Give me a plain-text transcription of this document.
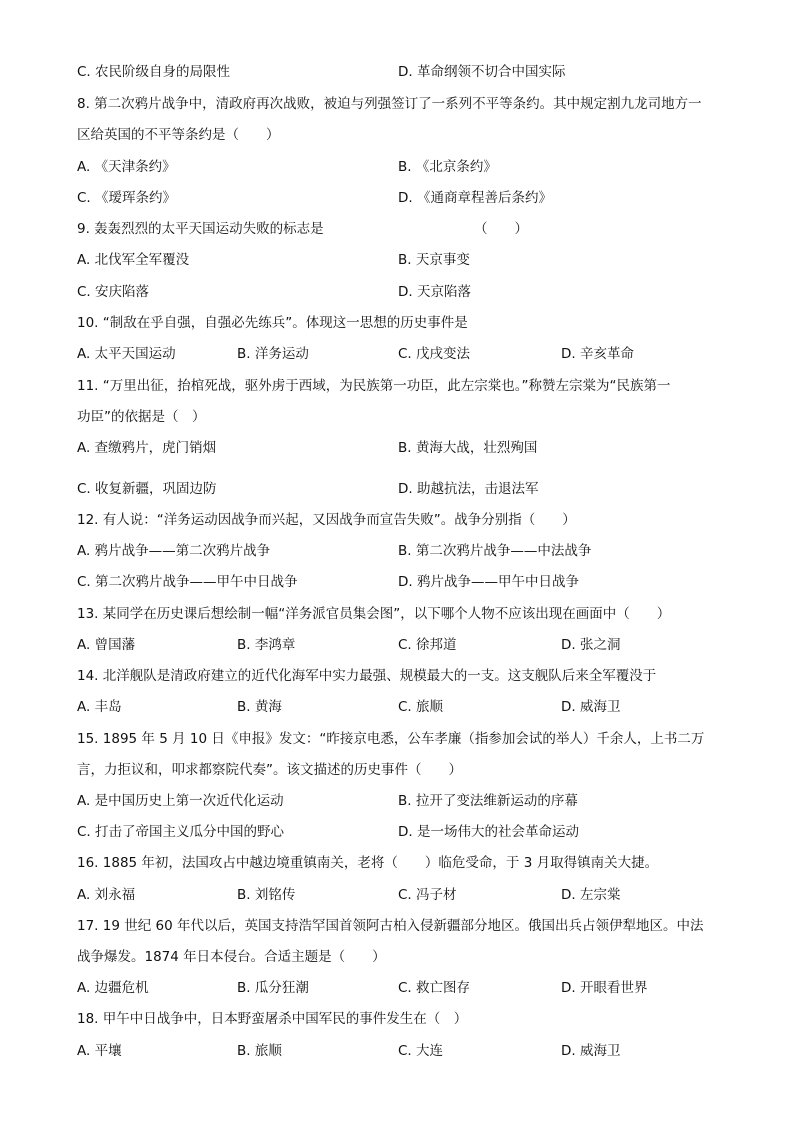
C. 农民阶级自身的局限性	D. 革命纲领不切合中国实际
8. 第二次鸦片战争中，清政府再次战败，被迫与列强签订了一系列不平等条约。其中规定割九龙司地方一
区给英国的不平等条约是（　　）
A. 《天津条约》	B. 《北京条约》
C. 《瑷珲条约》	D. 《通商章程善后条约》
9. 轰轰烈烈的太平天国运动失败的标志是	（　　）
A. 北伐军全军覆没	B. 天京事变
C. 安庆陷落	D. 天京陷落
10. “制敌在乎自强，自强必先练兵”。体现这一思想的历史事件是
A. 太平天国运动	B. 洋务运动	C. 戊戌变法	D. 辛亥革命
11. “万里出征，抬棺死战，驱外虏于西域，为民族第一功臣，此左宗棠也。”称赞左宗棠为“民族第一
功臣”的依据是（　）
A. 查缴鸦片，虎门销烟	B. 黄海大战，壮烈殉国
C. 收复新疆，巩固边防	D. 助越抗法，击退法军
12. 有人说：“洋务运动因战争而兴起，又因战争而宣告失败”。战争分别指（　　）
A. 鸦片战争——第二次鸦片战争	B. 第二次鸦片战争——中法战争
C. 第二次鸦片战争——甲午中日战争	D. 鸦片战争——甲午中日战争
13. 某同学在历史课后想绘制一幅“洋务派官员集会图”，以下哪个人物不应该出现在画面中（　　）
A. 曾国藩	B. 李鸿章	C. 徐邦道	D. 张之洞
14. 北洋舰队是清政府建立的近代化海军中实力最强、规模最大的一支。这支舰队后来全军覆没于
A. 丰岛	B. 黄海	C. 旅顺	D. 威海卫
15. 1895 年 5 月 10 日《申报》发文：“昨接京电悉，公车孝廉（指参加会试的举人）千余人，上书二万
言，力拒议和，叩求都察院代奏”。该文描述的历史事件（　　）
A. 是中国历史上第一次近代化运动	B. 拉开了变法维新运动的序幕
C. 打击了帝国主义瓜分中国的野心	D. 是一场伟大的社会革命运动
16. 1885 年初，法国攻占中越边境重镇南关，老将（　　）临危受命，于 3 月取得镇南关大捷。
A. 刘永福	B. 刘铭传	C. 冯子材	D. 左宗棠
17. 19 世纪 60 年代以后，英国支持浩罕国首领阿古柏入侵新疆部分地区。俄国出兵占领伊犁地区。中法
战争爆发。1874 年日本侵台。合适主题是（　　）
A. 边疆危机	B. 瓜分狂潮	C. 救亡图存	D. 开眼看世界
18. 甲午中日战争中，日本野蛮屠杀中国军民的事件发生在（　）
A. 平壤	B. 旅顺	C. 大连	D. 威海卫
